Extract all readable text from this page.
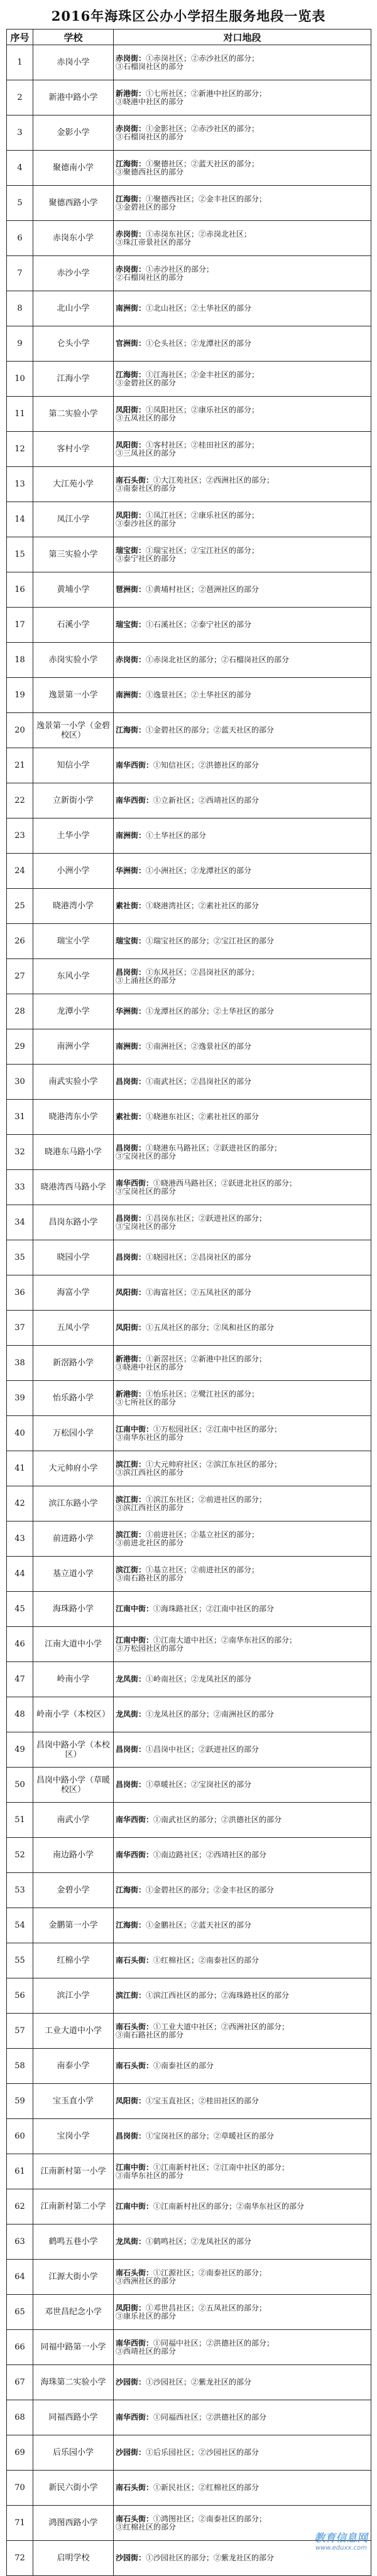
2016年海珠区公办小学招生服务地段一览表
序号	学校	对口地段
1	赤岗小学	赤岗街：①赤岗社区；②赤沙社区的部分；
③石榴岗社区的部分

2	新港中路小学	新港街：①七所社区；②新港中社区的部分；
③晓港中社区的部分

3	金影小学	赤岗街：①金影社区；②赤沙社区的部分；
③石榴岗社区的部分

4	聚德南小学	江海街：①聚德社区；②蓝天社区的部分；
③聚德西社区的部分

5	聚德西路小学	江海街：①聚德西社区；②金丰社区的部分；
③金碧社区的部分

6	赤岗东小学	赤岗街：①赤岗东社区；②赤岗北社区；
③珠江帝景社区的部分

7	赤沙小学	赤岗街：①赤沙社区的部分；
②石榴岗社区的部分

8	北山小学	南洲街：①北山社区；②土华社区的部分

9	仑头小学	官洲街：①仑头社区；②龙潭社区的部分

10	江海小学	江海街：①江海社区；②金丰社区的部分；
③金碧社区的部分

11	第二实验小学	凤阳街：①凤阳社区；②康乐社区的部分；
③五凤社区的部分

12	客村小学	凤阳街：①客村社区；②桂田社区的部分；
③三凤社区的部分

13	大江苑小学	南石头街：①大江苑社区；②西洲社区的部分；
③南泰社区的部分

14	凤江小学	凤阳街：①凤江社区；②康乐社区的部分；
③泰沙社区的部分

15	第三实验小学	瑞宝街：①瑞宝社区；②宝江社区的部分；
③泰宁社区的部分

16	黄埔小学	琶洲街：①黄埔村社区；②琶洲社区的部分

17	石溪小学	瑞宝街：①石溪社区；②泰宁社区的部分

18	赤岗实验小学	赤岗街：①赤岗北社区的部分；②石榴岗社区的部分

19	逸景第一小学	南洲街：①逸景社区；②土华社区的部分

20	逸景第一小学（金碧校区）	江海街：①金碧社区的部分；②蓝天社区的部分

21	知信小学	南华西街：①知信社区；②洪德社区的部分

22	立新街小学	南华西街：①立新社区；②西靖社区的部分

23	土华小学	南洲街：①土华社区的部分

24	小洲小学	华洲街：①小洲社区；②龙潭社区的部分

25	晓港湾小学	素社街：①晓港湾社区；②素社社区的部分

26	瑞宝小学	瑞宝街：①瑞宝社区的部分；②宝江社区的部分

27	东风小学	昌岗街：①东风社区；②昌岗社区的部分；
③上涌社区的部分

28	龙潭小学	华洲街：①龙潭社区的部分；②土华社区的部分

29	南洲小学	南洲街：①南洲社区；②逸景社区的部分

30	南武实验小学	昌岗街：①南武社区；②昌岗社区的部分

31	晓港湾东小学	素社街：①晓港东社区；②素社社区的部分

32	晓港东马路小学	昌岗街：①晓港东马路社区；②跃进社区的部分；
③宝岗社区的部分

33	晓港湾西马路小学	南华西街：①晓港西马路社区；②跃进北社区的部分；
③宝岗社区的部分

34	昌岗东路小学	昌岗街：①昌岗东社区；②跃进社区的部分；
③宝岗社区的部分

35	晓园小学	昌岗街：①晓园社区；②昌岗社区的部分

36	海富小学	凤阳街：①海富社区；②五凤社区的部分

37	五凤小学	凤阳街：①五凤社区的部分；②凤和社区的部分

38	新滘路小学	新港街：①新滘社区；②新港中社区的部分；
③晓港中社区的部分

39	怡乐路小学	新港街：①怡乐社区；②鹭江社区的部分；
③七所社区的部分

40	万松园小学	江南中街：①万松园社区；②江南中社区的部分；
③南华东社区的部分

41	大元帅府小学	滨江街：①大元帅府社区；②滨江东社区的部分；
③滨江西社区的部分

42	滨江东路小学	滨江街：①滨江东社区；②前进社区的部分；
③滨江西社区的部分

43	前进路小学	滨江街：①前进社区；②基立社区的部分；
③前进北社区的部分

44	基立道小学	滨江街：①基立社区；②前进社区的部分；
③南石路社区的部分

45	海珠路小学	江南中街：①海珠路社区；②江南中社区的部分

46	江南大道中小学	江南中街：①江南大道中社区；②南华东社区的部分；
③万松园社区的部分

47	岭南小学	龙凤街：①岭南社区；②龙凤社区的部分

48	岭南小学（本校区）	龙凤街：①龙凤社区的部分；②南洲社区的部分

49	昌岗中路小学（本校区）	昌岗街：①昌岗中社区；②跃进社区的部分

50	昌岗中路小学（草暖校区）	昌岗街：①草暖社区；②宝岗社区的部分

51	南武小学	南华西街：①南武社区的部分；②洪德社区的部分

52	南边路小学	南华西街：①南边路社区；②西靖社区的部分

53	金碧小学	江海街：①金碧社区的部分；②金丰社区的部分

54	金鹏第一小学	江海街：①金鹏社区；②蓝天社区的部分

55	红棉小学	南石头街：①红棉社区；②南泰社区的部分

56	滨江小学	滨江街：①滨江西社区的部分；②海珠路社区的部分

57	工业大道中小学	南石头街：①工业大道中社区；②西洲社区的部分；
③南石路社区的部分

58	南泰小学	南石头街：①南泰社区的部分

59	宝玉直小学	凤阳街：①宝玉直社区；②桂田社区的部分

60	宝岗小学	昌岗街：①宝岗社区的部分；②草暖社区的部分

61	江南新村第一小学	江南中街：①江南新村社区；②江南中社区的部分；
③南华东社区的部分

62	江南新村第二小学	江南中街：①江南新村社区的部分；②南华东社区的部分

63	鹤鸣五巷小学	龙凤街：①鹤鸣社区；②龙凤社区的部分

64	江源大街小学	南石头街：①江源社区；②南泰社区的部分；
③西洲社区的部分

65	邓世昌纪念小学	凤阳街：①邓世昌社区；②五凤社区的部分；
③康乐社区的部分

66	同福中路第一小学	南华西街：①同福中社区；②洪德社区的部分；
③西靖社区的部分

67	海珠第二实验小学	沙园街：①沙园社区；②紫龙社区的部分

68	同福西路小学	南华西街：①同福西社区；②洪德社区的部分

69	后乐园小学	沙园街：①后乐园社区；②沙园社区的部分

70	新民六街小学	南石头街：①新民社区；②红棉社区的部分

71	鸿图西路小学	南石头街：①鸿图社区；②南泰社区的部分；
③红棉社区的部分

72	启明学校	沙园街：①沙园社区的部分；②紫龙社区的部分
教育信息网
www.eduxx.com
